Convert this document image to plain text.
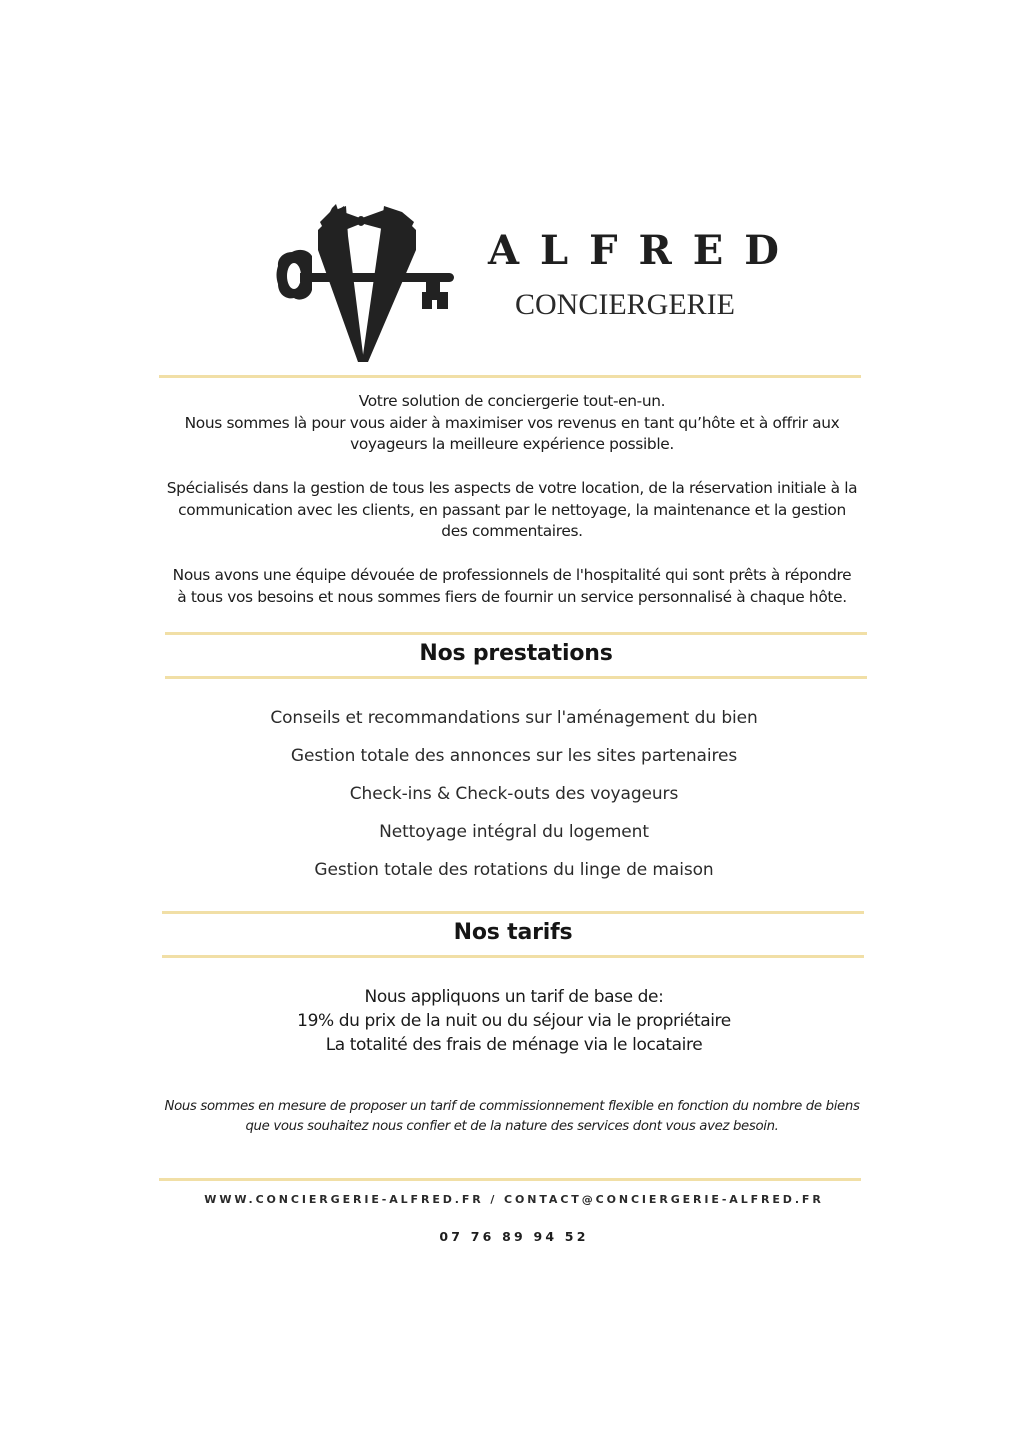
ALFRED
CONCIERGERIE
Votre solution de conciergerie tout-en-un.
Nous sommes là pour vous aider à maximiser vos revenus en tant qu’hôte et à offrir aux
voyageurs la meilleure expérience possible.
Spécialisés dans la gestion de tous les aspects de votre location, de la réservation initiale à la
communication avec les clients, en passant par le nettoyage, la maintenance et la gestion
des commentaires.
Nous avons une équipe dévouée de professionnels de l'hospitalité qui sont prêts à répondre
à tous vos besoins et nous sommes fiers de fournir un service personnalisé à chaque hôte.
Nos prestations
Conseils et recommandations sur l'aménagement du bien
Gestion totale des annonces sur les sites partenaires
Check-ins & Check-outs des voyageurs
Nettoyage intégral du logement
Gestion totale des rotations du linge de maison
Nos tarifs
Nous appliquons un tarif de base de:
19% du prix de la nuit ou du séjour via le propriétaire
La totalité des frais de ménage via le locataire
Nous sommes en mesure de proposer un tarif de commissionnement flexible en fonction du nombre de biens
que vous souhaitez nous confier et de la nature des services dont vous avez besoin.
WWW.CONCIERGERIE-ALFRED.FR / CONTACT@CONCIERGERIE-ALFRED.FR
07 76 89 94 52
